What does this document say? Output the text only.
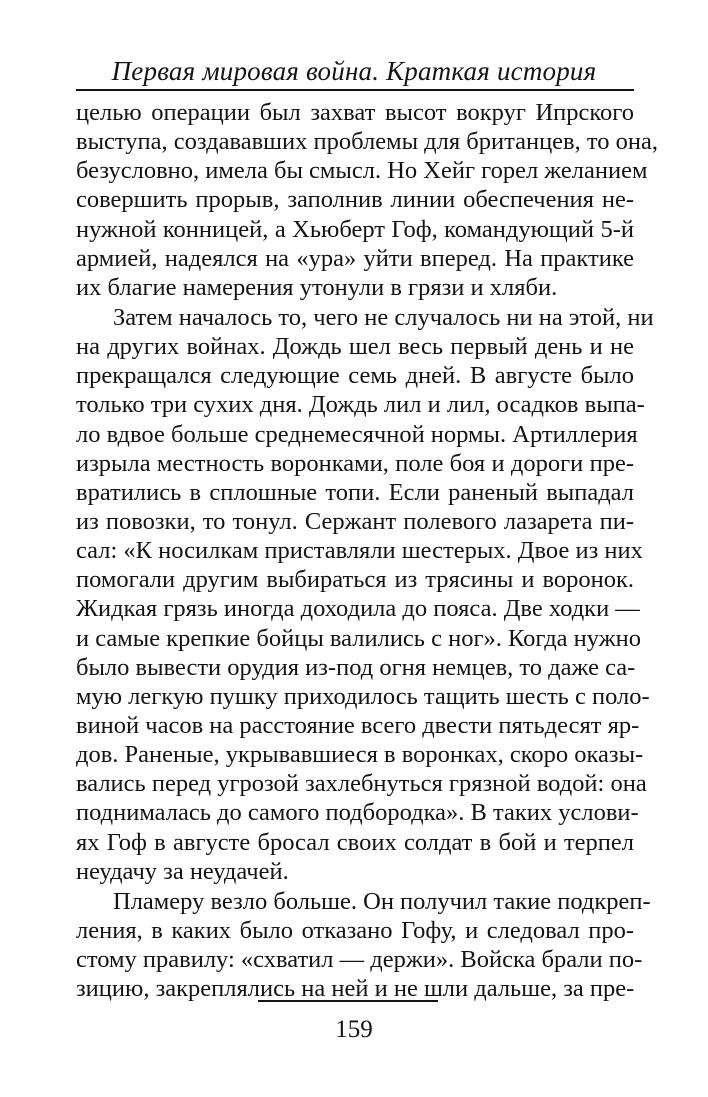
Первая мировая война. Краткая история
целью операции был захват высот вокруг Ипрского
выступа, создававших проблемы для британцев, то она,
безусловно, имела бы смысл. Но Хейг горел желанием
совершить прорыв, заполнив линии обеспечения не-
нужной конницей, а Хьюберт Гоф, командующий 5-й
армией, надеялся на «ура» уйти вперед. На практике
их благие намерения утонули в грязи и хляби.
Затем началось то, чего не случалось ни на этой, ни
на других войнах. Дождь шел весь первый день и не
прекращался следующие семь дней. В августе было
только три сухих дня. Дождь лил и лил, осадков выпа-
ло вдвое больше среднемесячной нормы. Артиллерия
изрыла местность воронками, поле боя и дороги пре-
вратились в сплошные топи. Если раненый выпадал
из повозки, то тонул. Сержант полевого лазарета пи-
сал: «К носилкам приставляли шестерых. Двое из них
помогали другим выбираться из трясины и воронок.
Жидкая грязь иногда доходила до пояса. Две ходки —
и самые крепкие бойцы валились с ног». Когда нужно
было вывести орудия из-под огня немцев, то даже са-
мую легкую пушку приходилось тащить шесть с поло-
виной часов на расстояние всего двести пятьдесят яр-
дов. Раненые, укрывавшиеся в воронках, скоро оказы-
вались перед угрозой захлебнуться грязной водой: она
поднималась до самого подбородка». В таких услови-
ях Гоф в августе бросал своих солдат в бой и терпел
неудачу за неудачей.
Пламеру везло больше. Он получил такие подкреп-
ления, в каких было отказано Гофу, и следовал про-
стому правилу: «схватил — держи». Войска брали по-
зицию, закреплялись на ней и не шли дальше, за пре-
159
